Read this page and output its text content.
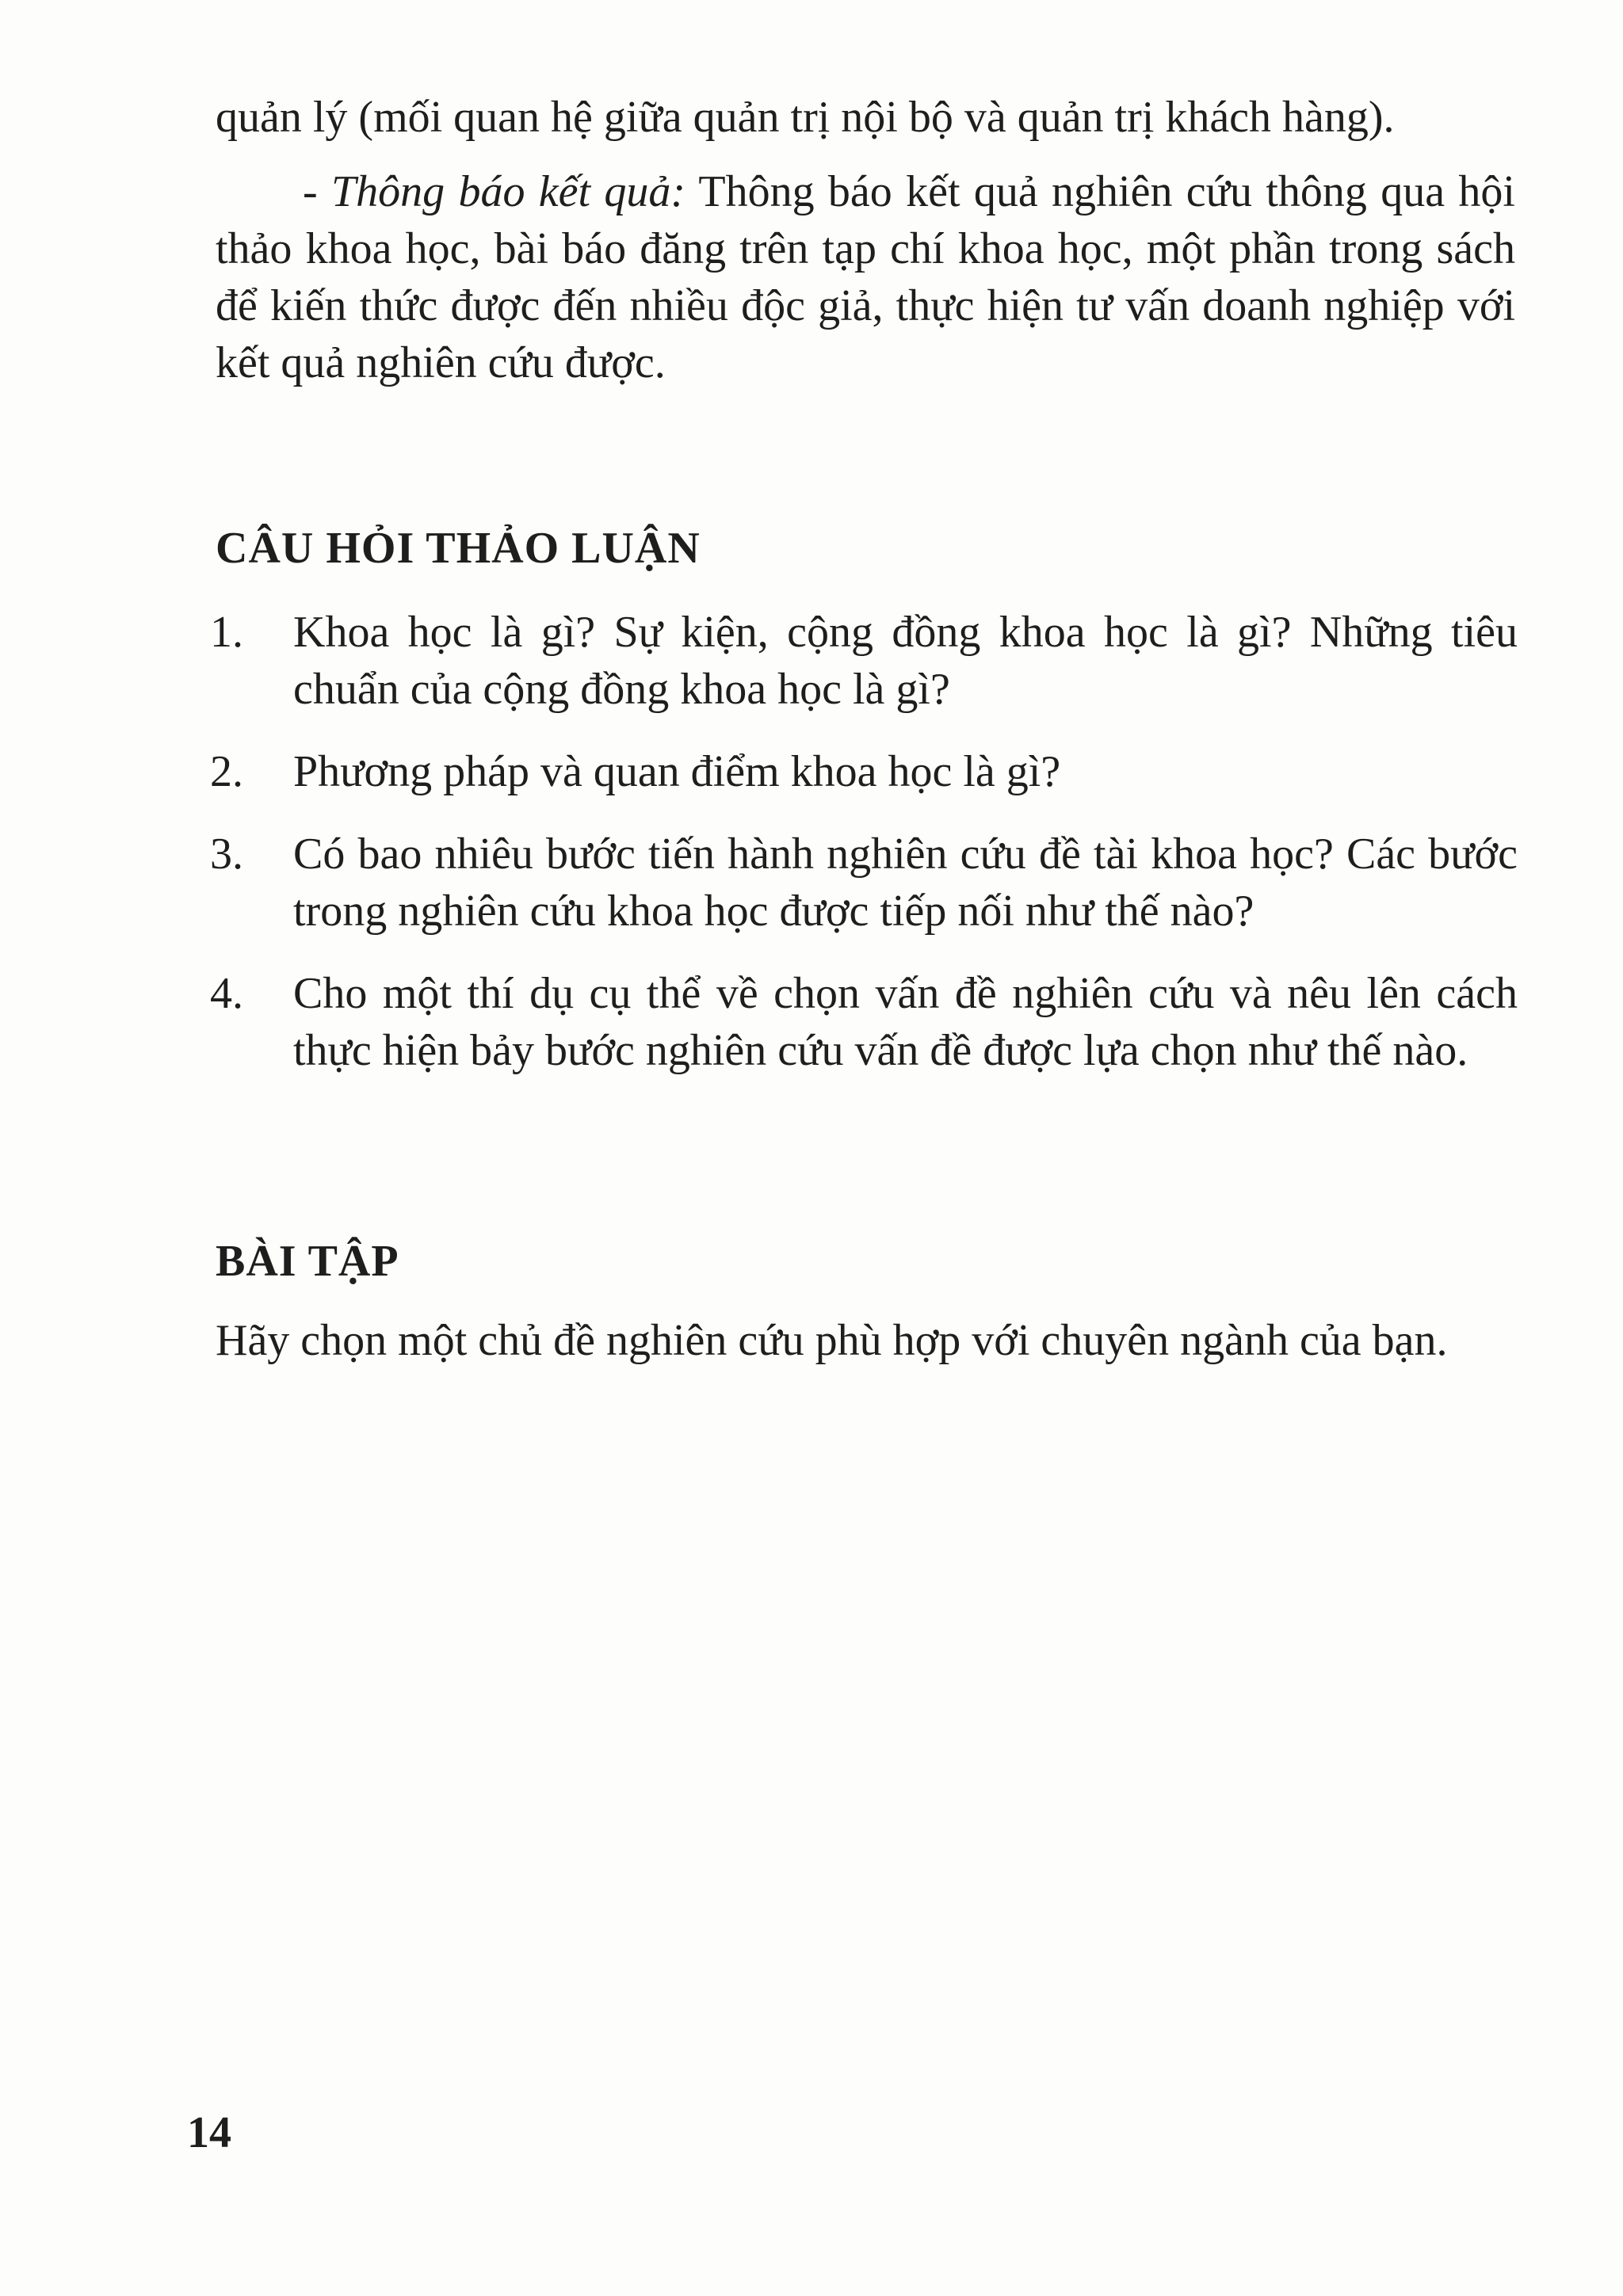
quản lý (mối quan hệ giữa quản trị nội bộ và quản trị khách hàng).

- Thông báo kết quả: Thông báo kết quả nghiên cứu thông qua hội thảo khoa học, bài báo đăng trên tạp chí khoa học, một phần trong sách để kiến thức được đến nhiều độc giả, thực hiện tư vấn doanh nghiệp với kết quả nghiên cứu được.

CÂU HỎI THẢO LUẬN
1.	Khoa học là gì? Sự kiện, cộng đồng khoa học là gì? Những tiêu chuẩn của cộng đồng khoa học là gì?
2.	Phương pháp và quan điểm khoa học là gì?
3.	Có bao nhiêu bước tiến hành nghiên cứu đề tài khoa học? Các bước trong nghiên cứu khoa học được tiếp nối như thế nào?
4.	Cho một thí dụ cụ thể về chọn vấn đề nghiên cứu và nêu lên cách thực hiện bảy bước nghiên cứu vấn đề được lựa chọn như thế nào.
BÀI TẬP

Hãy chọn một chủ đề nghiên cứu phù hợp với chuyên ngành của bạn.

14
